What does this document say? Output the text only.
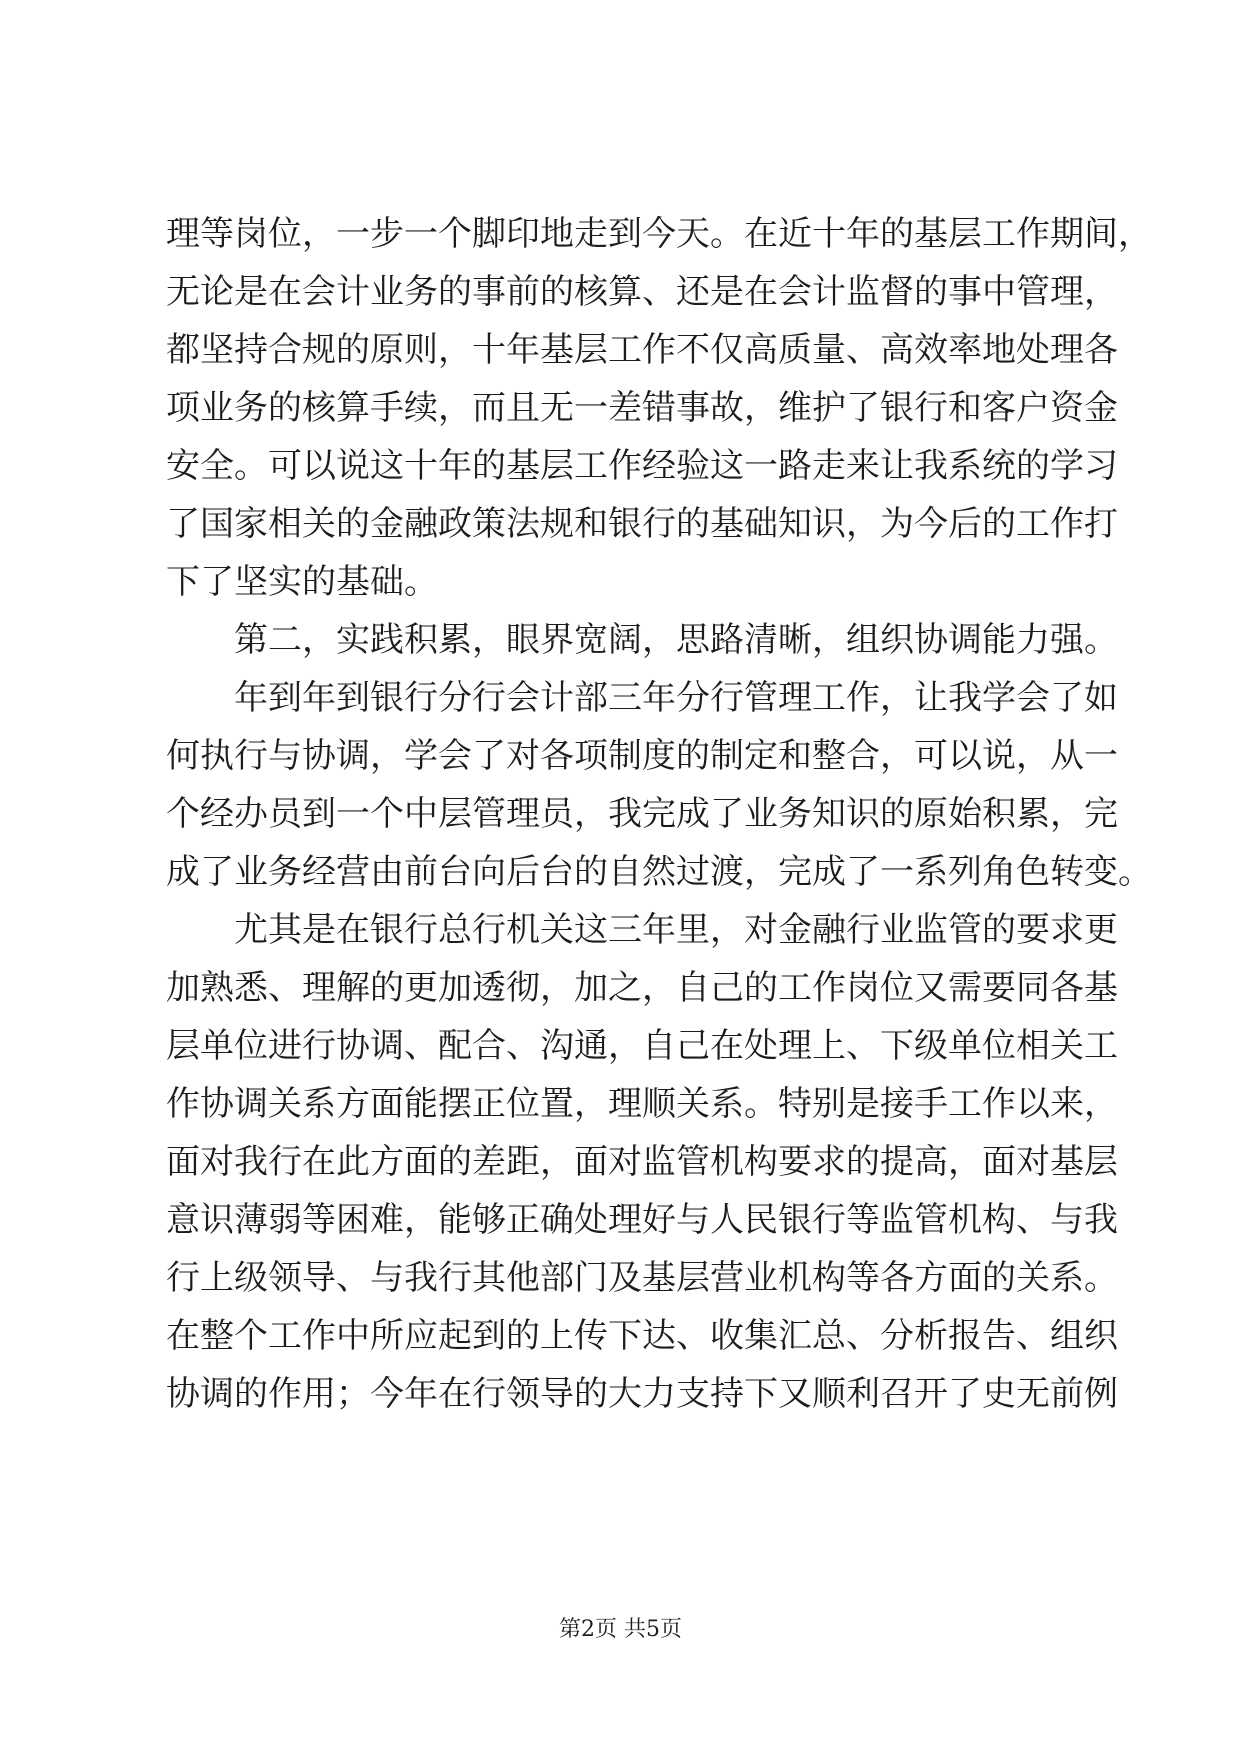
理等岗位，一步一个脚印地走到今天。在近十年的基层工作期间，
无论是在会计业务的事前的核算、还是在会计监督的事中管理，
都坚持合规的原则，十年基层工作不仅高质量、高效率地处理各
项业务的核算手续，而且无一差错事故，维护了银行和客户资金
安全。可以说这十年的基层工作经验这一路走来让我系统的学习
了国家相关的金融政策法规和银行的基础知识，为今后的工作打
下了坚实的基础。
第二，实践积累，眼界宽阔，思路清晰，组织协调能力强。
年到年到银行分行会计部三年分行管理工作，让我学会了如
何执行与协调，学会了对各项制度的制定和整合，可以说，从一
个经办员到一个中层管理员，我完成了业务知识的原始积累，完
成了业务经营由前台向后台的自然过渡，完成了一系列角色转变。
尤其是在银行总行机关这三年里，对金融行业监管的要求更
加熟悉、理解的更加透彻，加之，自己的工作岗位又需要同各基
层单位进行协调、配合、沟通，自己在处理上、下级单位相关工
作协调关系方面能摆正位置，理顺关系。特别是接手工作以来，
面对我行在此方面的差距，面对监管机构要求的提高，面对基层
意识薄弱等困难，能够正确处理好与人民银行等监管机构、与我
行上级领导、与我行其他部门及基层营业机构等各方面的关系。
在整个工作中所应起到的上传下达、收集汇总、分析报告、组织
协调的作用；今年在行领导的大力支持下又顺利召开了史无前例
第2页 共5页
